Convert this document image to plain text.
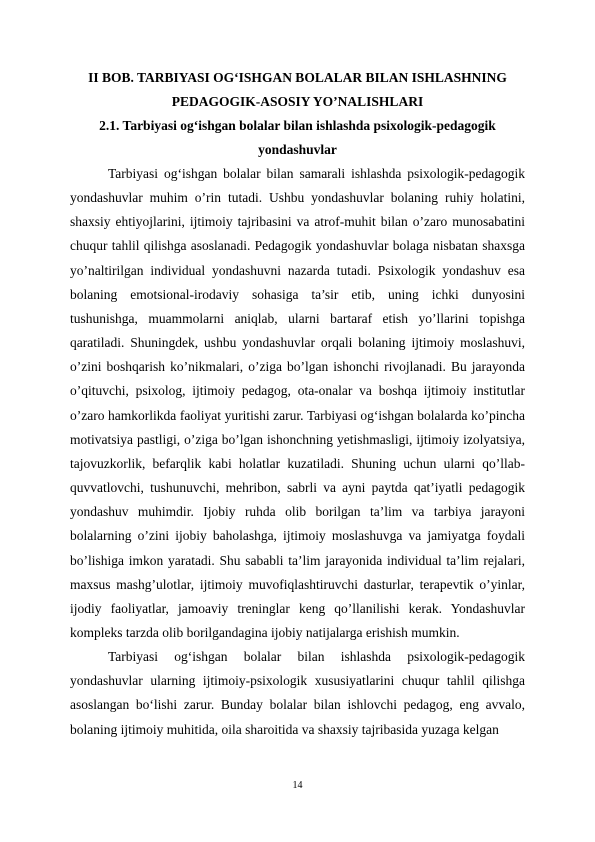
II BOB. TARBIYASI OG‘ISHGAN BOLALAR BILAN ISHLASHNING PEDAGOGIK-ASOSIY YO’NALISHLARI
2.1. Tarbiyasi og‘ishgan bolalar bilan ishlashda psixologik-pedagogik yondashuvlar

Tarbiyasi og‘ishgan bolalar bilan samarali ishlashda psixologik-pedagogik yondashuvlar muhim o’rin tutadi. Ushbu yondashuvlar bolaning ruhiy holatini, shaxsiy ehtiyojlarini, ijtimoiy tajribasini va atrof-muhit bilan o’zaro munosabatini chuqur tahlil qilishga asoslanadi. Pedagogik yondashuvlar bolaga nisbatan shaxsga yo’naltirilgan individual yondashuvni nazarda tutadi. Psixologik yondashuv esa bolaning emotsional-irodaviy sohasiga ta’sir etib, uning ichki dunyosini tushunishga, muammolarni aniqlab, ularni bartaraf etish yo’llarini topishga qaratiladi. Shuningdek, ushbu yondashuvlar orqali bolaning ijtimoiy moslashuvi, o’zini boshqarish ko’nikmalari, o’ziga bo’lgan ishonchi rivojlanadi. Bu jarayonda o’qituvchi, psixolog, ijtimoiy pedagog, ota-onalar va boshqa ijtimoiy institutlar o’zaro hamkorlikda faoliyat yuritishi zarur. Tarbiyasi og‘ishgan bolalarda ko’pincha motivatsiya pastligi, o’ziga bo’lgan ishonchning yetishmasligi, ijtimoiy izolyatsiya, tajovuzkorlik, befarqlik kabi holatlar kuzatiladi. Shuning uchun ularni qo’llab-quvvatlovchi, tushunuvchi, mehribon, sabrli va ayni paytda qat’iyatli pedagogik yondashuv muhimdir. Ijobiy ruhda olib borilgan ta’lim va tarbiya jarayoni bolalarning o’zini ijobiy baholashga, ijtimoiy moslashuvga va jamiyatga foydali bo’lishiga imkon yaratadi. Shu sababli ta’lim jarayonida individual ta’lim rejalari, maxsus mashg’ulotlar, ijtimoiy muvofiqlashtiruvchi dasturlar, terapevtik o’yinlar, ijodiy faoliyatlar, jamoaviy treninglar keng qo’llanilishi kerak. Yondashuvlar kompleks tarzda olib borilgandagina ijobiy natijalarga erishish mumkin.

Tarbiyasi og‘ishgan bolalar bilan ishlashda psixologik-pedagogik yondashuvlar ularning ijtimoiy-psixologik xususiyatlarini chuqur tahlil qilishga asoslangan bo‘lishi zarur. Bunday bolalar bilan ishlovchi pedagog, eng avvalo, bolaning ijtimoiy muhitida, oila sharoitida va shaxsiy tajribasida yuzaga kelgan

14
